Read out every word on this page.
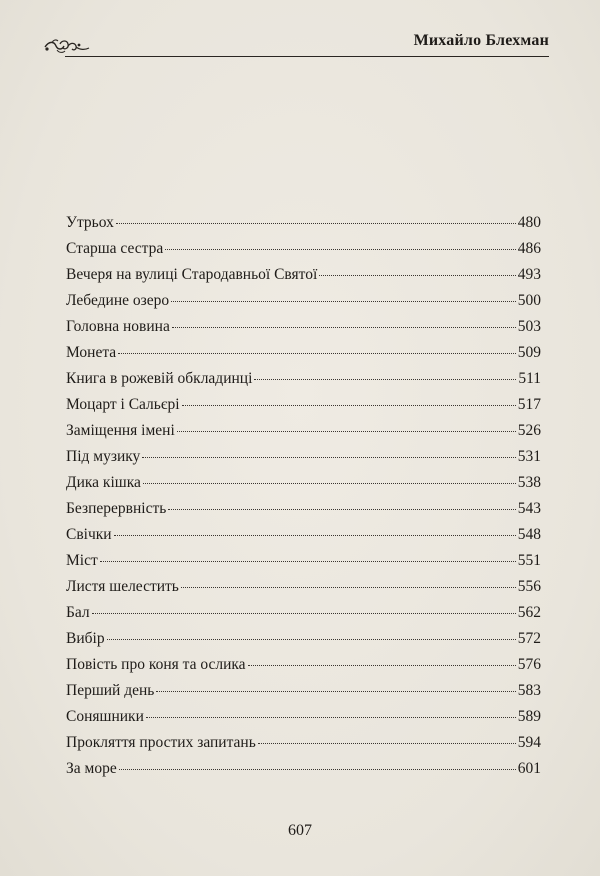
Михайло Блехман
Утрьох	480
Старша сестра	486
Вечеря на вулиці Стародавньої Святої	493
Лебедине озеро	500
Головна новина	503
Монета	509
Книга в рожевій обкладинці	511
Моцарт і Сальєрі	517
Заміщення імені	526
Під музику	531
Дика кішка	538
Безперервність	543
Свічки	548
Міст	551
Листя шелестить	556
Бал	562
Вибір	572
Повість про коня та ослика	576
Перший день	583
Соняшники	589
Прокляття простих запитань	594
За море	601
607
